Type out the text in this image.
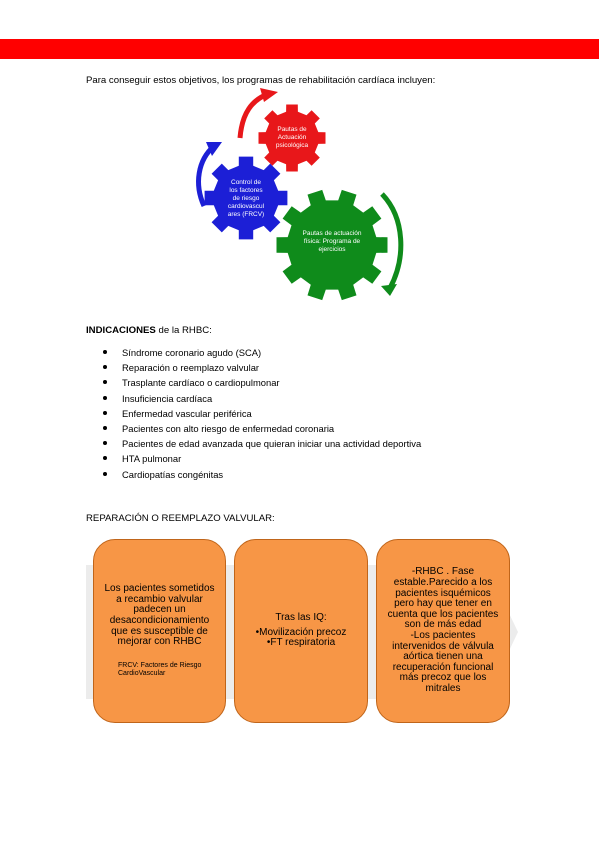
Para conseguir estos objetivos, los programas de rehabilitación cardíaca incluyen:
Pautas de Actuación psicológica
Control de los factores de riesgo cardiovascul ares (FRCV)
Pautas de actuación física: Programa de ejercicios
INDICACIONES de la RHBC:
Síndrome coronario agudo (SCA)
Reparación o reemplazo valvular
Trasplante cardíaco o cardiopulmonar
Insuficiencia cardíaca
Enfermedad vascular periférica
Pacientes con alto riesgo de enfermedad coronaria
Pacientes de edad avanzada que quieran iniciar una actividad deportiva
HTA pulmonar
Cardiopatías congénitas
REPARACIÓN O REEMPLAZO VALVULAR:

Los pacientes sometidos a recambio valvular padecen un desacondicionamiento que es susceptible de mejorar con RHBC

FRCV: Factores de Riesgo CardioVascular

Tras las IQ:

•Movilización precoz

•FT respiratoria

-RHBC . Fase estable.Parecido a los pacientes isquémicos pero hay que tener en cuenta que los pacientes son de más edad

-Los pacientes intervenidos de válvula aórtica tienen una recuperación funcional más precoz que los mitrales
